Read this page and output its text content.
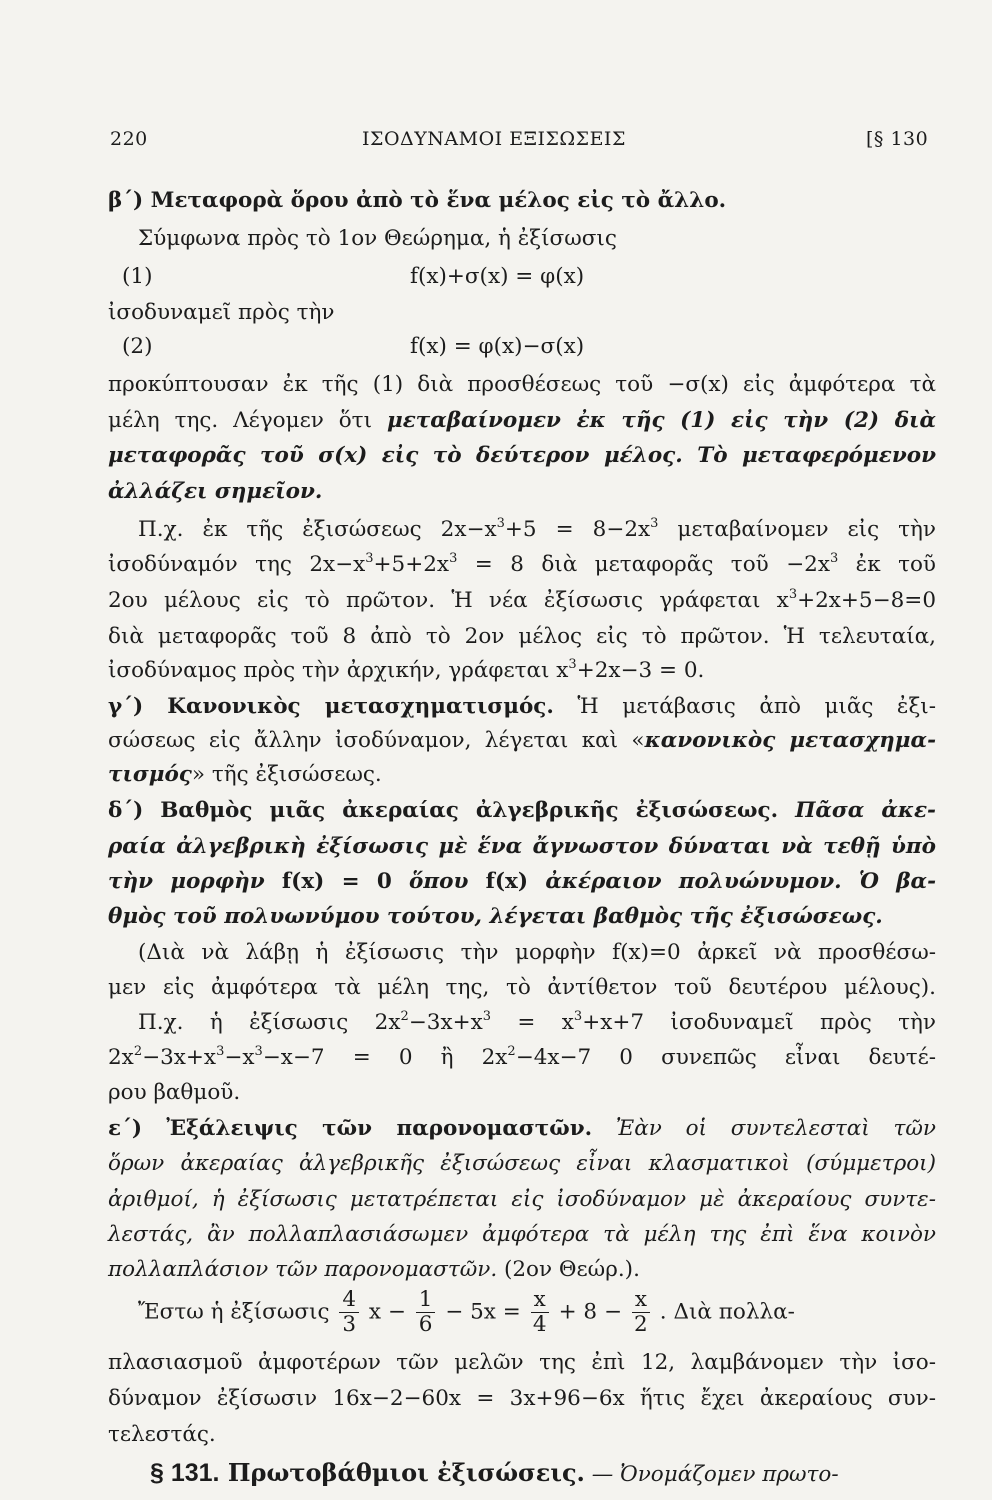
220	ΙΣΟΔΥΝΑΜΟΙ ΕΞΙΣΩΣΕΙΣ	[§ 130
β΄) Μεταφορὰ ὅρου ἀπὸ τὸ ἕνα μέλος εἰς τὸ ἄλλο.
Σύμφωνα πρὸς τὸ 1ον Θεώρημα, ἡ ἐξίσωσις
(1)	f(x)+σ(x) = φ(x)
ἰσοδυναμεῖ πρὸς τὴν
(2)	f(x) = φ(x)−σ(x)
προκύπτουσαν ἐκ τῆς (1) διὰ προσθέσεως τοῦ −σ(x) εἰς ἀμφότερα τὰ
μέλη της. Λέγομεν ὅτι μεταβαίνομεν ἐκ τῆς (1) εἰς τὴν (2) διὰ
μεταφορᾶς τοῦ σ(x) εἰς τὸ δεύτερον μέλος. Τὸ μεταφερόμενον
ἀλλάζει σημεῖον.
Π.χ. ἐκ τῆς ἐξισώσεως $2x-x^3+5 = 8-2x^3$ μεταβαίνομεν εἰς τὴν
ἰσοδύναμόν της $2x-x^3+5+2x^3 = 8$ διὰ μεταφορᾶς τοῦ $-2x^3$ ἐκ τοῦ
2ου μέλους εἰς τὸ πρῶτον. Ἡ νέα ἐξίσωσις γράφεται $x^3+2x+5-8=0$
διὰ μεταφορᾶς τοῦ 8 ἀπὸ τὸ 2ον μέλος εἰς τὸ πρῶτον. Ἡ τελευταία,
ἰσοδύναμος πρὸς τὴν ἀρχικήν, γράφεται $x^3+2x-3 = 0$.
γ΄) Κανονικὸς μετασχηματισμός. Ἡ μετάβασις ἀπὸ μιᾶς ἐξι-
σώσεως εἰς ἄλλην ἰσοδύναμον, λέγεται καὶ «κανονικὸς μετασχημα-
τισμός» τῆς ἐξισώσεως.
δ΄) Βαθμὸς μιᾶς ἀκεραίας ἀλγεβρικῆς ἐξισώσεως. Πᾶσα ἀκε-
ραία ἀλγεβρικὴ ἐξίσωσις μὲ ἕνα ἄγνωστον δύναται νὰ τεθῇ ὑπὸ
τὴν μορφὴν f(x) = 0 ὅπου f(x) ἀκέραιον πολυώνυμον. Ὁ βα-
θμὸς τοῦ πολυωνύμου τούτου, λέγεται βαθμὸς τῆς ἐξισώσεως.
(Διὰ νὰ λάβῃ ἡ ἐξίσωσις τὴν μορφὴν f(x)=0 ἀρκεῖ νὰ προσθέσω-
μεν εἰς ἀμφότερα τὰ μέλη της, τὸ ἀντίθετον τοῦ δευτέρου μέλους).
Π.χ. ἡ ἐξίσωσις $2x^2-3x+x^3 = x^3+x+7$ ἰσοδυναμεῖ πρὸς τὴν
$2x^2-3x+x^3-x^3-x-7 = 0$ ἢ $2x^2-4x-7$ 0 συνεπῶς εἶναι δευτέ-
ρου βαθμοῦ.
ε΄) Ἐξάλειψις τῶν παρονομαστῶν. Ἐὰν οἱ συντελεσταὶ τῶν
ὅρων ἀκεραίας ἀλγεβρικῆς ἐξισώσεως εἶναι κλασματικοὶ (σύμμετροι)
ἀριθμοί, ἡ ἐξίσωσις μετατρέπεται εἰς ἰσοδύναμον μὲ ἀκεραίους συντε-
λεστάς, ἂν πολλαπλασιάσωμεν ἀμφότερα τὰ μέλη της ἐπὶ ἕνα κοινὸν
πολλαπλάσιον τῶν παρονομαστῶν. (2ον Θεώρ.).
Ἔστω ἡ ἐξίσωσις $\frac{4}{3}$ $x - \frac{1}{6} - 5x = \frac{x}{4} + 8 - \frac{x}{2}$ . Διὰ πολλα-
πλασιασμοῦ ἀμφοτέρων τῶν μελῶν της ἐπὶ 12, λαμβάνομεν τὴν ἰσο-
δύναμον ἐξίσωσιν 16x−2−60x = 3x+96−6x ἥτις ἔχει ἀκεραίους συν-
τελεστάς.
§ 131. Πρωτοβάθμιοι ἐξισώσεις. — Ὀνομάζομεν πρωτο-
